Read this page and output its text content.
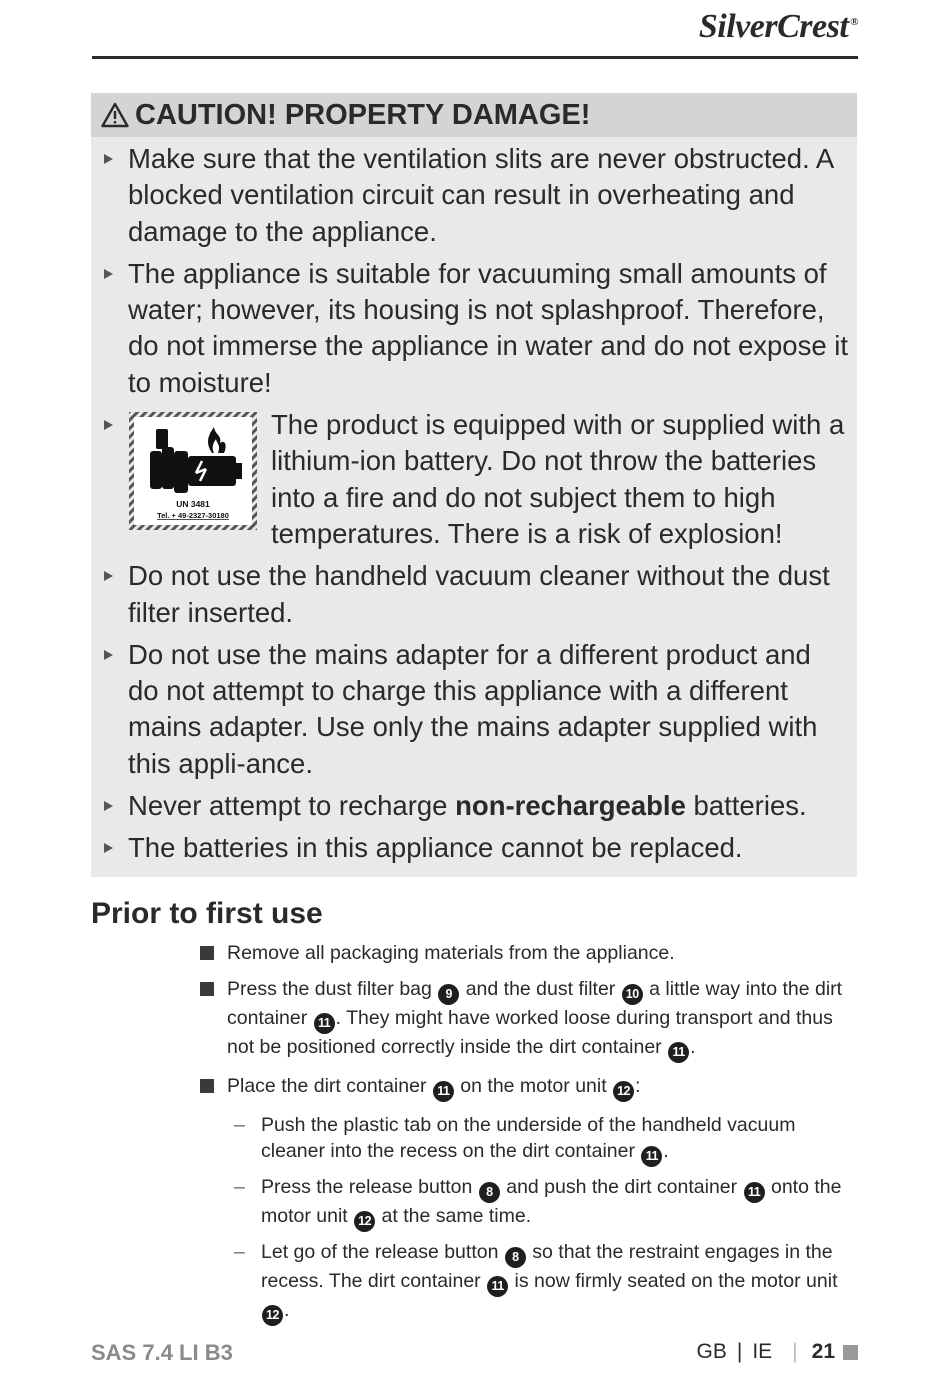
SilverCrest ®
CAUTION! PROPERTY DAMAGE!
Make sure that the ventilation slits are never obstructed. A blocked ventilation circuit can result in overheating and damage to the appliance.
The appliance is suitable for vacuuming small amounts of water; however, its housing is not splashproof. Therefore, do not immerse the appliance in water and do not expose it to moisture!
UN 3481
Tel. + 49-2327-30180
The product is equipped with or supplied with a lithium-ion battery. Do not throw the batteries into a fire and do not subject them to high temperatures. There is a risk of explosion!
Do not use the handheld vacuum cleaner without the dust filter inserted.
Do not use the mains adapter for a different product and do not attempt to charge this appliance with a different mains adapter. Use only the mains adapter supplied with this appli-ance.
Never attempt to recharge non-rechargeable batteries.
The batteries in this appliance cannot be replaced.
Prior to first use
Remove all packaging materials from the appliance.
Press the dust filter bag 9 and the dust filter 10 a little way into the dirt container 11 . They might have worked loose during transport and thus not be positioned correctly inside the dirt container 11 .
Place the dirt container 11 on the motor unit 12 :
– Push the plastic tab on the underside of the handheld vacuum cleaner into the recess on the dirt container 11 .
– Press the release button 8 and push the dirt container 11 onto the motor unit 12 at the same time.
– Let go of the release button 8 so that the restraint engages in the recess. The dirt container 11 is now firmly seated on the motor unit 12 .
SAS 7.4 LI B3	GB | IE | 21
